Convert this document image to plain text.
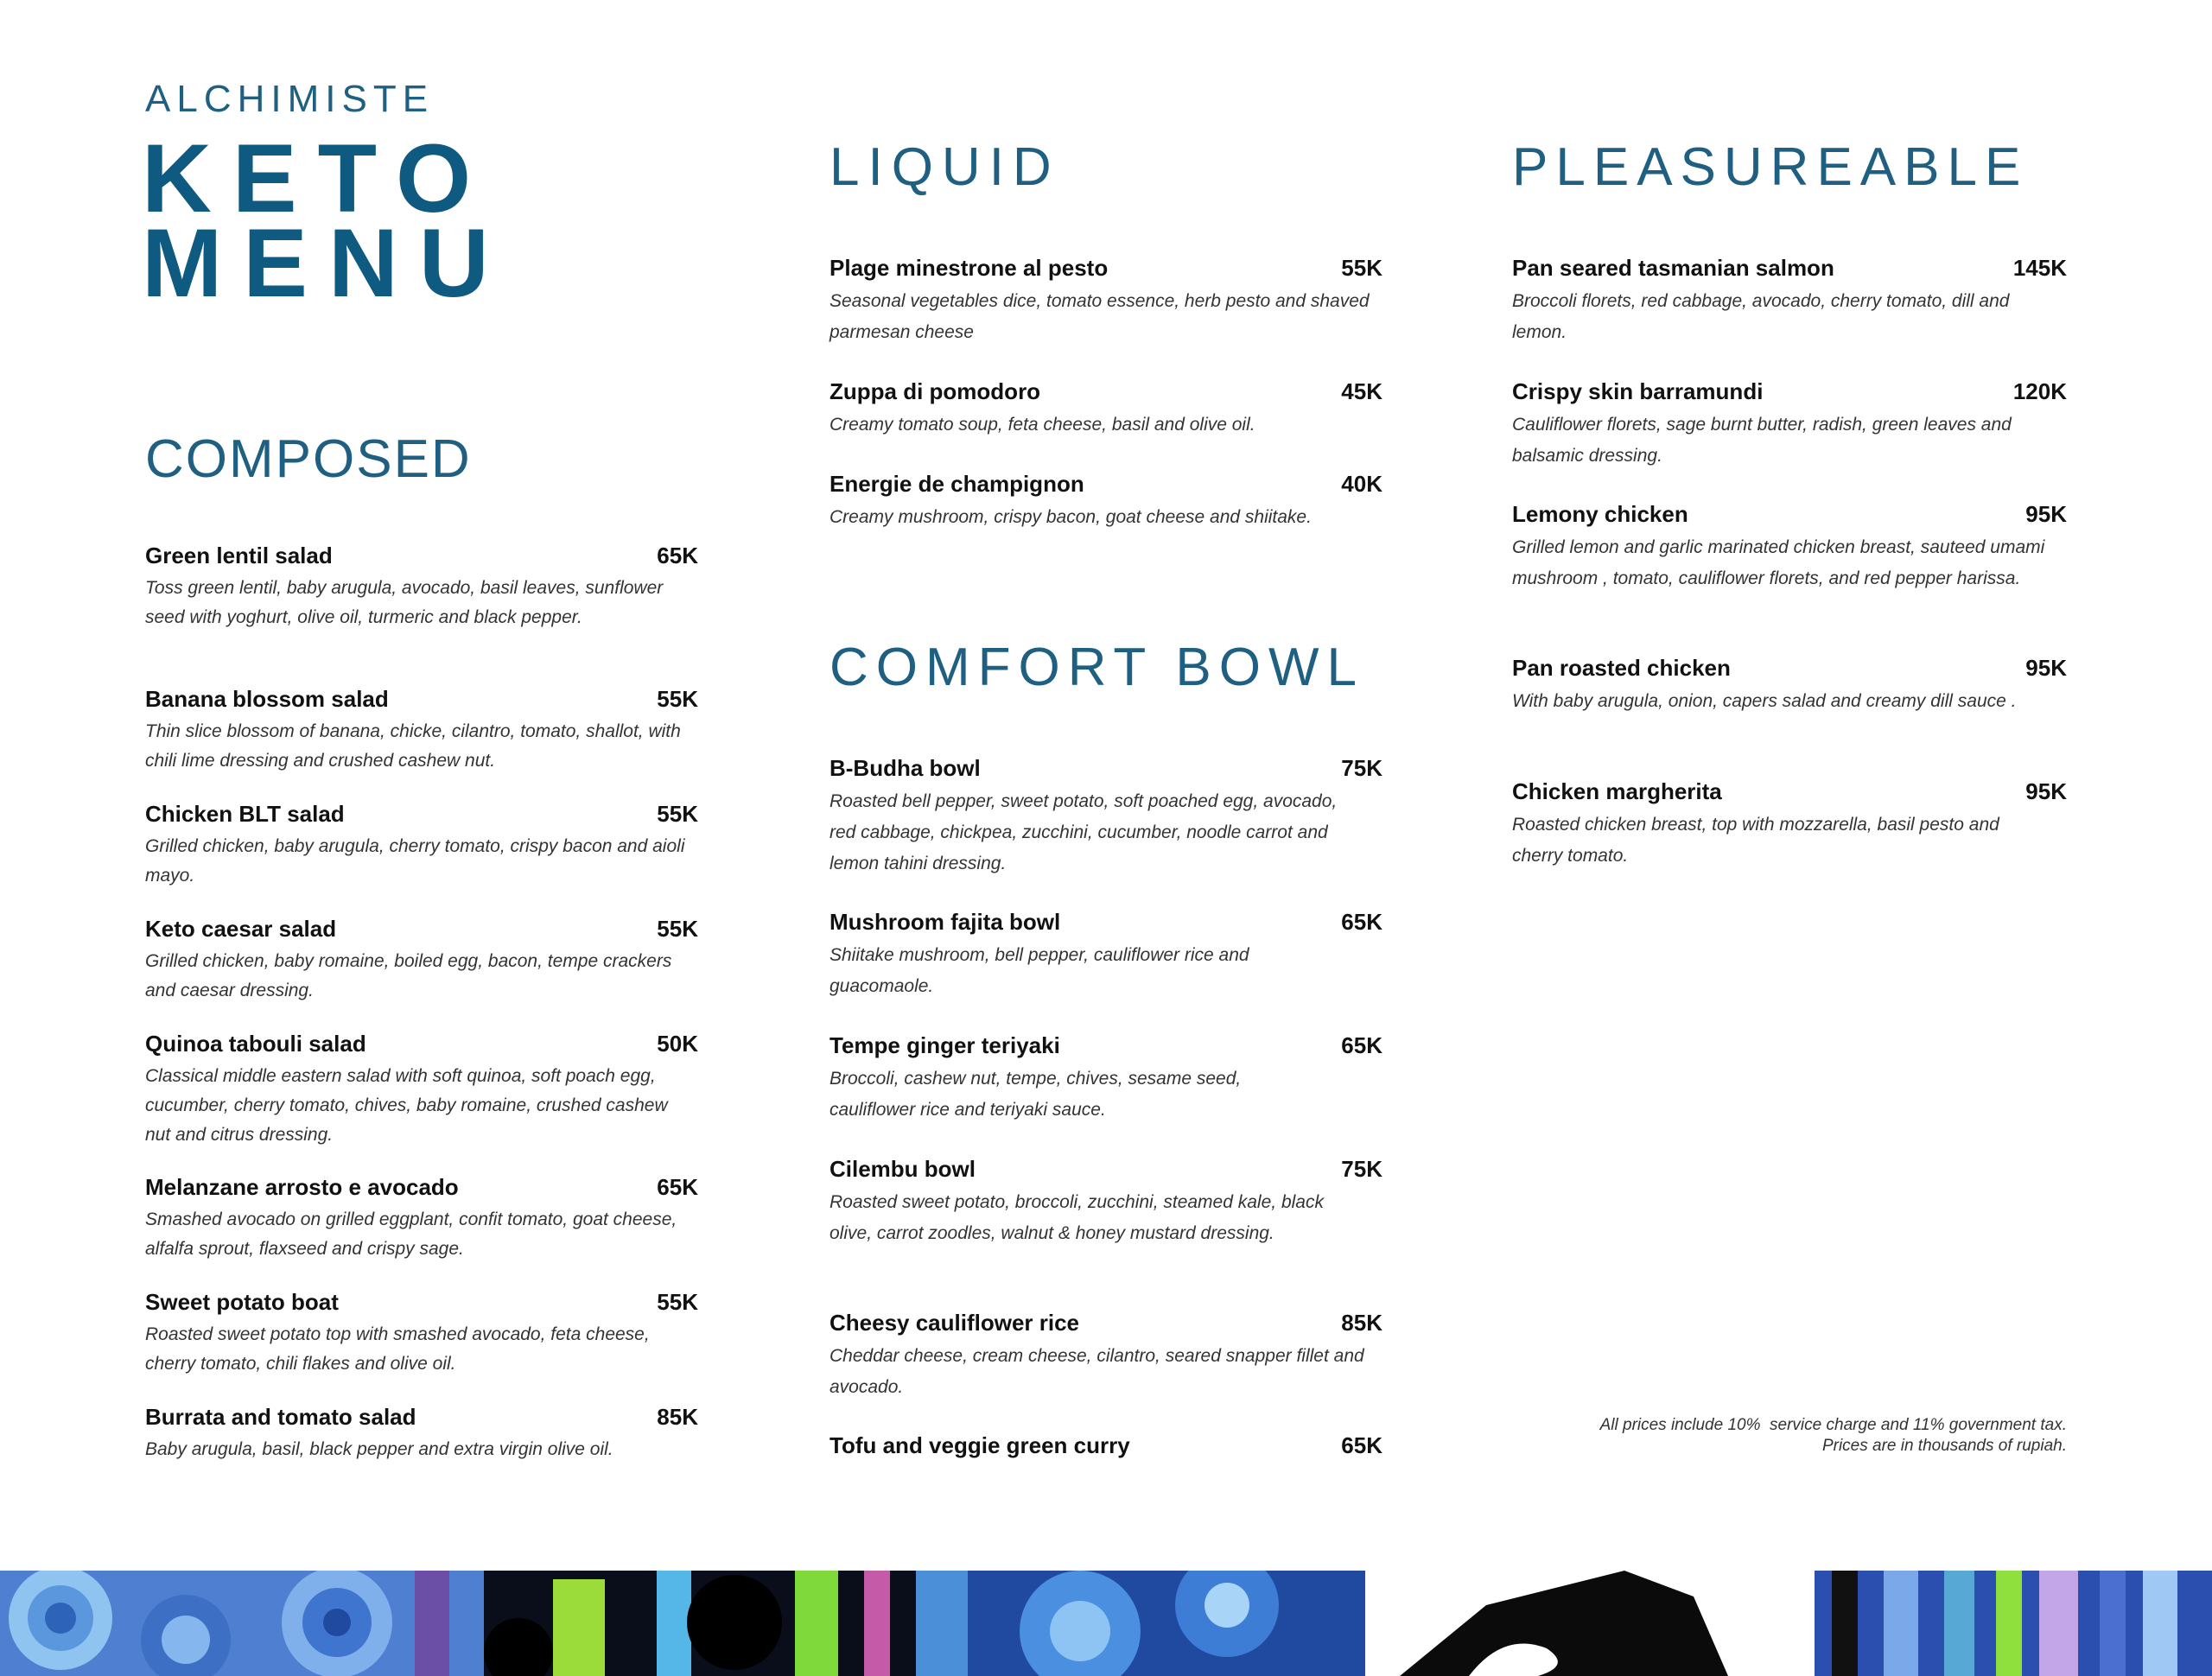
ALCHIMISTE
KETO
MENU
COMPOSED
Green lentil salad	65K
Toss green lentil, baby arugula, avocado, basil leaves, sunflower seed with yoghurt, olive oil, turmeric and black pepper.
Banana blossom salad	55K
Thin slice blossom of banana, chicke, cilantro, tomato, shallot, with chili lime dressing and crushed cashew nut.
Chicken BLT salad	55K
Grilled chicken, baby arugula, cherry tomato, crispy bacon and aioli mayo.
Keto caesar salad	55K
Grilled chicken, baby romaine, boiled egg, bacon, tempe crackers and caesar dressing.
Quinoa tabouli salad	50K
Classical middle eastern salad with soft quinoa, soft poach egg, cucumber, cherry tomato, chives, baby romaine, crushed cashew nut and citrus dressing.
Melanzane arrosto e avocado	65K
Smashed avocado on grilled eggplant, confit tomato, goat cheese, alfalfa sprout, flaxseed and crispy sage.
Sweet potato boat	55K
Roasted sweet potato top with smashed avocado, feta cheese, cherry tomato, chili flakes and olive oil.
Burrata and tomato salad	85K
Baby arugula, basil, black pepper and extra virgin olive oil.
LIQUID
Plage minestrone al pesto	55K
Seasonal vegetables dice, tomato essence, herb pesto and shaved parmesan cheese
Zuppa di pomodoro	45K
Creamy tomato soup, feta cheese, basil and olive oil.
Energie de champignon	40K
Creamy mushroom, crispy bacon, goat cheese and shiitake.
COMFORT BOWL
B-Budha bowl	75K
Roasted bell pepper, sweet potato, soft poached egg, avocado, red cabbage, chickpea, zucchini, cucumber, noodle carrot and lemon tahini dressing.
Mushroom fajita bowl	65K
Shiitake mushroom, bell pepper, cauliflower rice and guacomaole.
Tempe ginger teriyaki	65K
Broccoli, cashew nut, tempe, chives, sesame seed, cauliflower rice and teriyaki sauce.
Cilembu bowl	75K
Roasted sweet potato, broccoli, zucchini, steamed kale, black olive, carrot zoodles, walnut & honey mustard dressing.
Cheesy cauliflower rice	85K
Cheddar cheese, cream cheese, cilantro, seared snapper fillet and avocado.
Tofu and veggie green curry	65K
PLEASUREABLE
Pan seared tasmanian salmon	145K
Broccoli florets, red cabbage, avocado, cherry tomato, dill and lemon.
Crispy skin barramundi	120K
Cauliflower florets, sage burnt butter, radish, green leaves and balsamic dressing.
Lemony chicken	95K
Grilled lemon and garlic marinated chicken breast, sauteed umami mushroom , tomato, cauliflower florets, and red pepper harissa.
Pan roasted chicken	95K
With baby arugula, onion, capers salad and creamy dill sauce .
Chicken margherita	95K
Roasted chicken breast, top with mozzarella, basil pesto and cherry tomato.
All prices include 10%  service charge and 11% government tax.
Prices are in thousands of rupiah.
